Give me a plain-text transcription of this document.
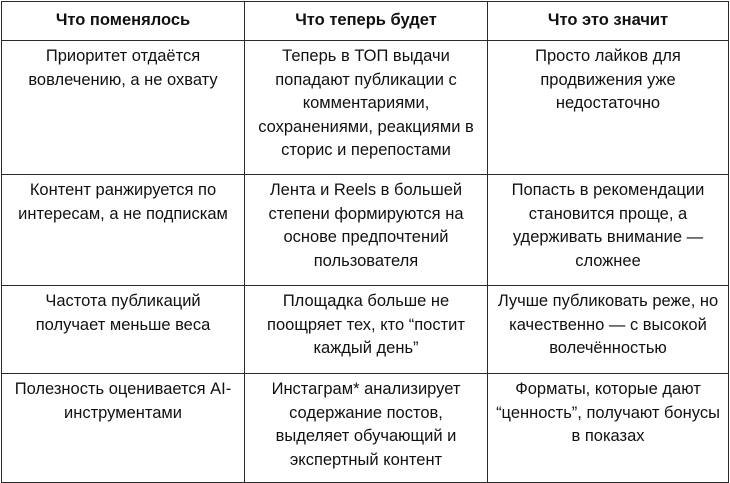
Что поменялось	Что теперь будет	Что это значит
Приоритет отдаётся вовлечению, а не охвату	Теперь в ТОП выдачи попадают публикации с комментариями, сохранениями, реакциями в сторис и перепостами	Просто лайков для продвижения уже недостаточно
Контент ранжируется по интересам, а не подпискам	Лента и Reels в большей степени формируются на основе предпочтений пользователя	Попасть в рекомендации становится проще, а удерживать внимание — сложнее
Частота публикаций получает меньше веса	Площадка больше не поощряет тех, кто “постит каждый день”	Лучше публиковать реже, но качественно — с высокой волечённостью
Полезность оценивается AI-инструментами	Инстаграм* анализирует содержание постов, выделяет обучающий и экспертный контент	Форматы, которые дают “ценность”, получают бонусы в показах
